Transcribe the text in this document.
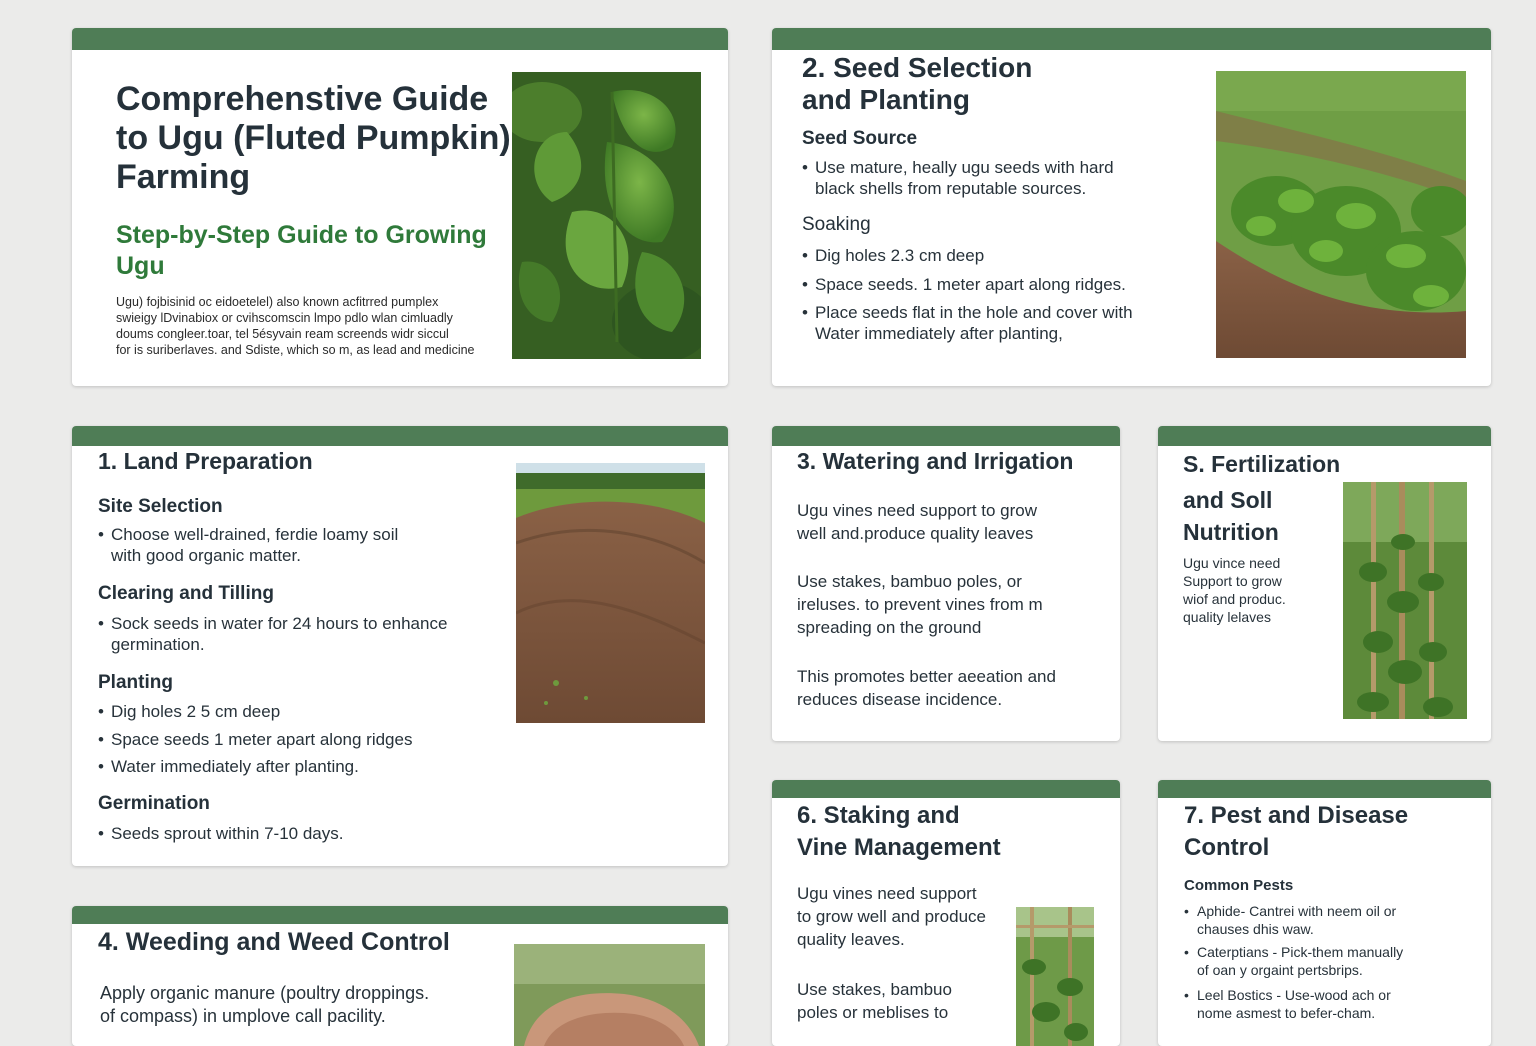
Comprehenstive Guide
to Ugu (Fluted Pumpkin)
Farming
Step-by-Step Guide to Growing
Ugu
Ugu) fojbisinid oc eidoetelel) also known acfitrred pumplex
swieigy lDvinabiox or cvihscomscin lmpo pdlo wlan cimluadly
doums congleer.toar, tel 5ésyvain ream screends widr siccul
for is suriberlaves. and Sdiste, which so m, as lead and medicine
2. Seed Selection
and Planting
Seed Source
• Use mature, heally ugu seeds with hard
black shells from reputable sources.
Soaking
• Dig holes 2.3 cm deep
• Space seeds. 1 meter apart along ridges.
• Place seeds flat in the hole and cover with
Water immediately after planting,
1. Land Preparation
Site Selection
• Choose well-drained, ferdie loamy soil
with good organic matter.
Clearing and Tilling
• Sock seeds in water for 24 hours to enhance
germination.
Planting
• Dig holes 2 5 cm deep
• Space seeds 1 meter apart along ridges
• Water immediately after planting.
Germination
• Seeds sprout within 7-10 days.
3. Watering and Irrigation
Ugu vines need support to grow
well and.produce quality leaves
Use stakes, bambuo poles, or
ireluses. to prevent vines from m
spreading on the ground
This promotes better aeeation and
reduces disease incidence.
S. Fertilization
and Soll
Nutrition
Ugu vince need
Support to grow
wiof and produc.
quality lelaves
4. Weeding and Weed Control
Apply organic manure (poultry droppings.
of compass) in umplove call pacility.
6. Staking and
Vine Management
Ugu vines need support
to grow well and produce
quality leaves.
Use stakes, bambuo
poles or meblises to
7. Pest and Disease
Control
Common Pests
• Aphide- Cantrei with neem oil or
chauses dhis waw.
• Caterptians - Pick-them manually
of oan y orgaint pertsbrips.
• Leel Bostics - Use-wood ach or
nome asmest to befer-cham.
